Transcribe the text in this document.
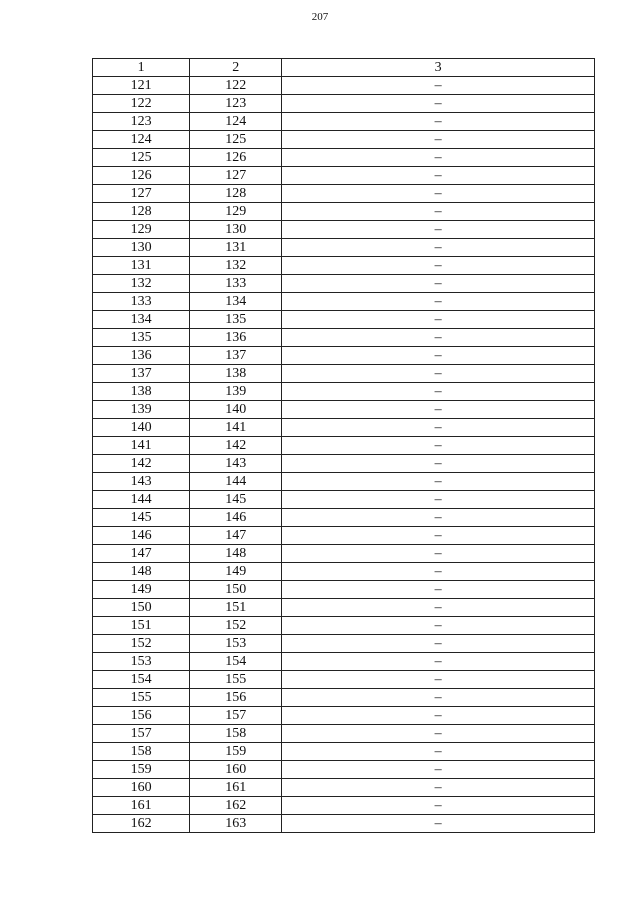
207
1	2	3
121	122	–
122	123	–
123	124	–
124	125	–
125	126	–
126	127	–
127	128	–
128	129	–
129	130	–
130	131	–
131	132	–
132	133	–
133	134	–
134	135	–
135	136	–
136	137	–
137	138	–
138	139	–
139	140	–
140	141	–
141	142	–
142	143	–
143	144	–
144	145	–
145	146	–
146	147	–
147	148	–
148	149	–
149	150	–
150	151	–
151	152	–
152	153	–
153	154	–
154	155	–
155	156	–
156	157	–
157	158	–
158	159	–
159	160	–
160	161	–
161	162	–
162	163	–
